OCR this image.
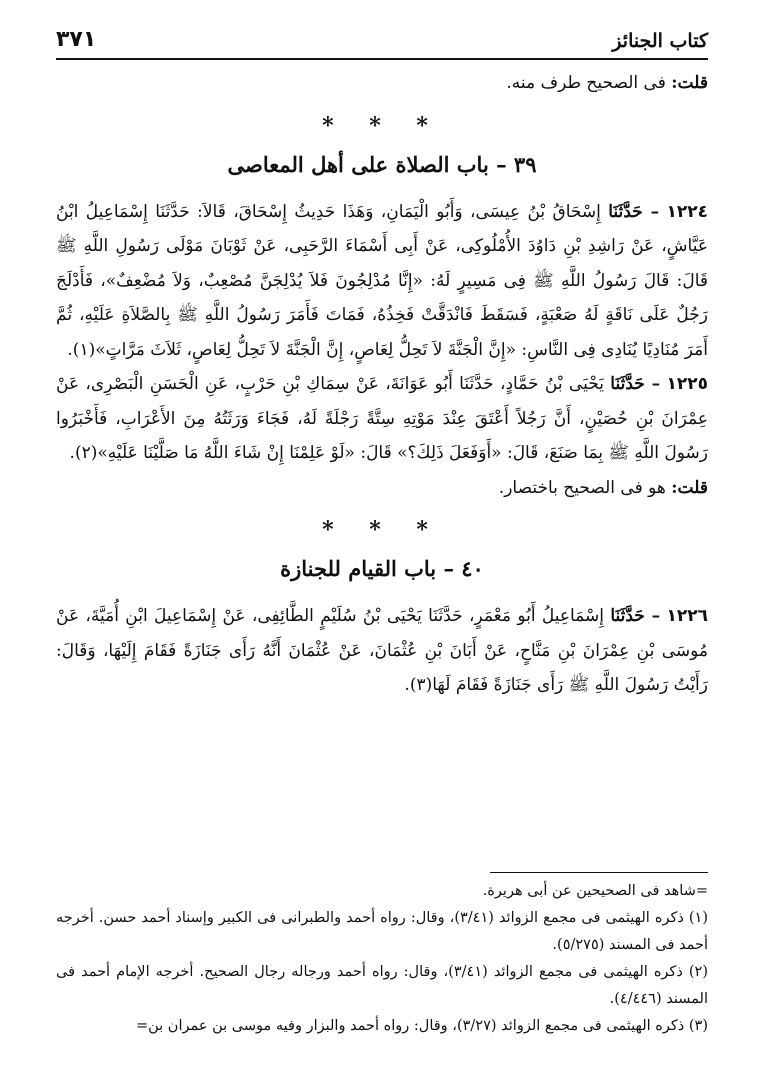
كتاب الجنائز
٣٧١

قلت: فى الصحيح طرف منه.

* * *
٣٩ – باب الصلاة على أهل المعاصى

١٢٢٤ – حَدَّثَنَا إِسْحَاقُ بْنُ عِيسَى، وَأَبُو الْيَمَانِ، وَهَذَا حَدِيثُ إِسْحَاقَ، قَالاَ: حَدَّثَنَا إِسْمَاعِيلُ ابْنُ عَيَّاشٍ، عَنْ رَاشِدِ بْنِ دَاوُدَ الأُمْلُوكِى، عَنْ أَبِى أَسْمَاءَ الرَّحَبِى، عَنْ ثَوْبَانَ مَوْلَى رَسُولِ اللَّهِ ﷺ قَالَ: قَالَ رَسُولُ اللَّهِ ﷺ فِى مَسِيرٍ لَهُ: «إِنَّا مُدْلِجُونَ فَلاَ يُدْلِجَنَّ مُصْعِبٌ، وَلاَ مُضْعِفٌ»، فَأَدْلَجَ رَجُلٌ عَلَى نَاقَةٍ لَهُ صَعْبَةٍ، فَسَقَطَ فَانْدَقَّتْ فَخِذُهُ، فَمَاتَ فَأَمَرَ رَسُولُ اللَّهِ ﷺ بِالصَّلاَةِ عَلَيْهِ، ثُمَّ أَمَرَ مُنَادِيًا يُنَادِى فِى النَّاسِ: «إِنَّ الْجَنَّةَ لاَ تَحِلُّ لِعَاصٍ، إِنَّ الْجَنَّةَ لاَ تَحِلُّ لِعَاصٍ، ثَلاَثَ مَرَّاتٍ»(١).

١٢٢٥ – حَدَّثَنَا يَحْيَى بْنُ حَمَّادٍ، حَدَّثَنَا أَبُو عَوَانَةَ، عَنْ سِمَاكِ بْنِ حَرْبٍ، عَنِ الْحَسَنِ الْبَصْرِى، عَنْ عِمْرَانَ بْنِ حُصَيْنٍ، أَنَّ رَجُلاً أَعْتَقَ عِنْدَ مَوْتِهِ سِتَّةً رَجْلَةً لَهُ، فَجَاءَ وَرَثَتُهُ مِنَ الأَعْرَابِ، فَأَخْبَرُوا رَسُولَ اللَّهِ ﷺ بِمَا صَنَعَ، قَالَ: «أَوَفَعَلَ ذَلِكَ؟» قَالَ: «لَوْ عَلِمْنَا إِنْ شَاءَ اللَّهُ مَا صَلَّيْنَا عَلَيْهِ»(٢).

قلت: هو فى الصحيح باختصار.

* * *
٤٠ – باب القيام للجنازة

١٢٢٦ – حَدَّثَنَا إِسْمَاعِيلُ أَبُو مَعْمَرٍ، حَدَّثَنَا يَحْيَى بْنُ سُلَيْمٍ الطَّائِفِى، عَنْ إِسْمَاعِيلَ ابْنِ أُمَيَّةَ، عَنْ مُوسَى بْنِ عِمْرَانَ بْنِ مَنَّاحٍ، عَنْ أَبَانَ بْنِ عُثْمَانَ، عَنْ عُثْمَانَ أَنَّهُ رَأَى جَنَازَةً فَقَامَ إِلَيْهَا، وَقَالَ: رَأَيْتُ رَسُولَ اللَّهِ ﷺ رَأَى جَنَازَةً فَقَامَ لَهَا(٣).

=شاهد فى الصحيحين عن أبى هريرة.

(١) ذكره الهيثمى فى مجمع الزوائد (٣/٤١)، وقال: رواه أحمد والطبرانى فى الكبير وإسناد أحمد حسن. أخرجه أحمد فى المسند (٥/٢٧٥).

(٢) ذكره الهيثمى فى مجمع الزوائد (٣/٤١)، وقال: رواه أحمد ورجاله رجال الصحيح. أخرجه الإمام أحمد فى المسند (٤/٤٤٦).

(٣) ذكره الهيثمى فى مجمع الزوائد (٣/٢٧)، وقال: رواه أحمد والبزار وفيه موسى بن عمران بن=
